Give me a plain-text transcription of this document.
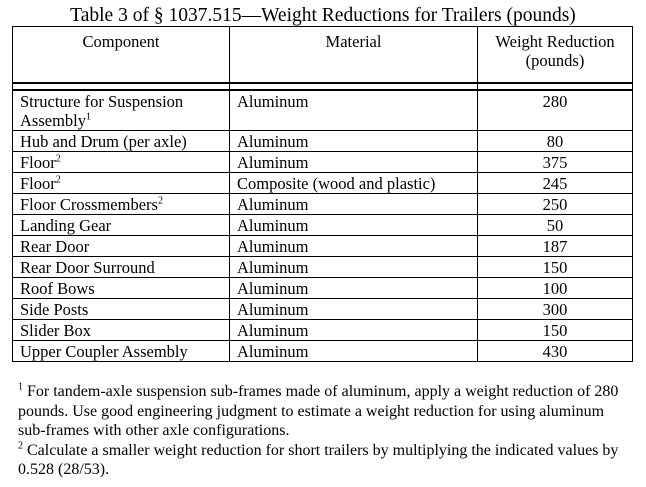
Table 3 of § 1037.515—Weight Reductions for Trailers (pounds)
Component	Material	Weight Reduction
(pounds)

Structure for Suspension Assembly$^1$	Aluminum	280
Hub and Drum (per axle)	Aluminum	80
Floor$^2$	Aluminum	375
Floor$^2$	Composite (wood and plastic)	245
Floor Crossmembers$^2$	Aluminum	250
Landing Gear	Aluminum	50
Rear Door	Aluminum	187
Rear Door Surround	Aluminum	150
Roof Bows	Aluminum	100
Side Posts	Aluminum	300
Slider Box	Aluminum	150
Upper Coupler Assembly	Aluminum	430

$^1$ For tandem-axle suspension sub-frames made of aluminum, apply a weight reduction of 280 pounds. Use good engineering judgment to estimate a weight reduction for using aluminum sub-frames with other axle configurations.

$^2$ Calculate a smaller weight reduction for short trailers by multiplying the indicated values by 0.528 (28/53).
